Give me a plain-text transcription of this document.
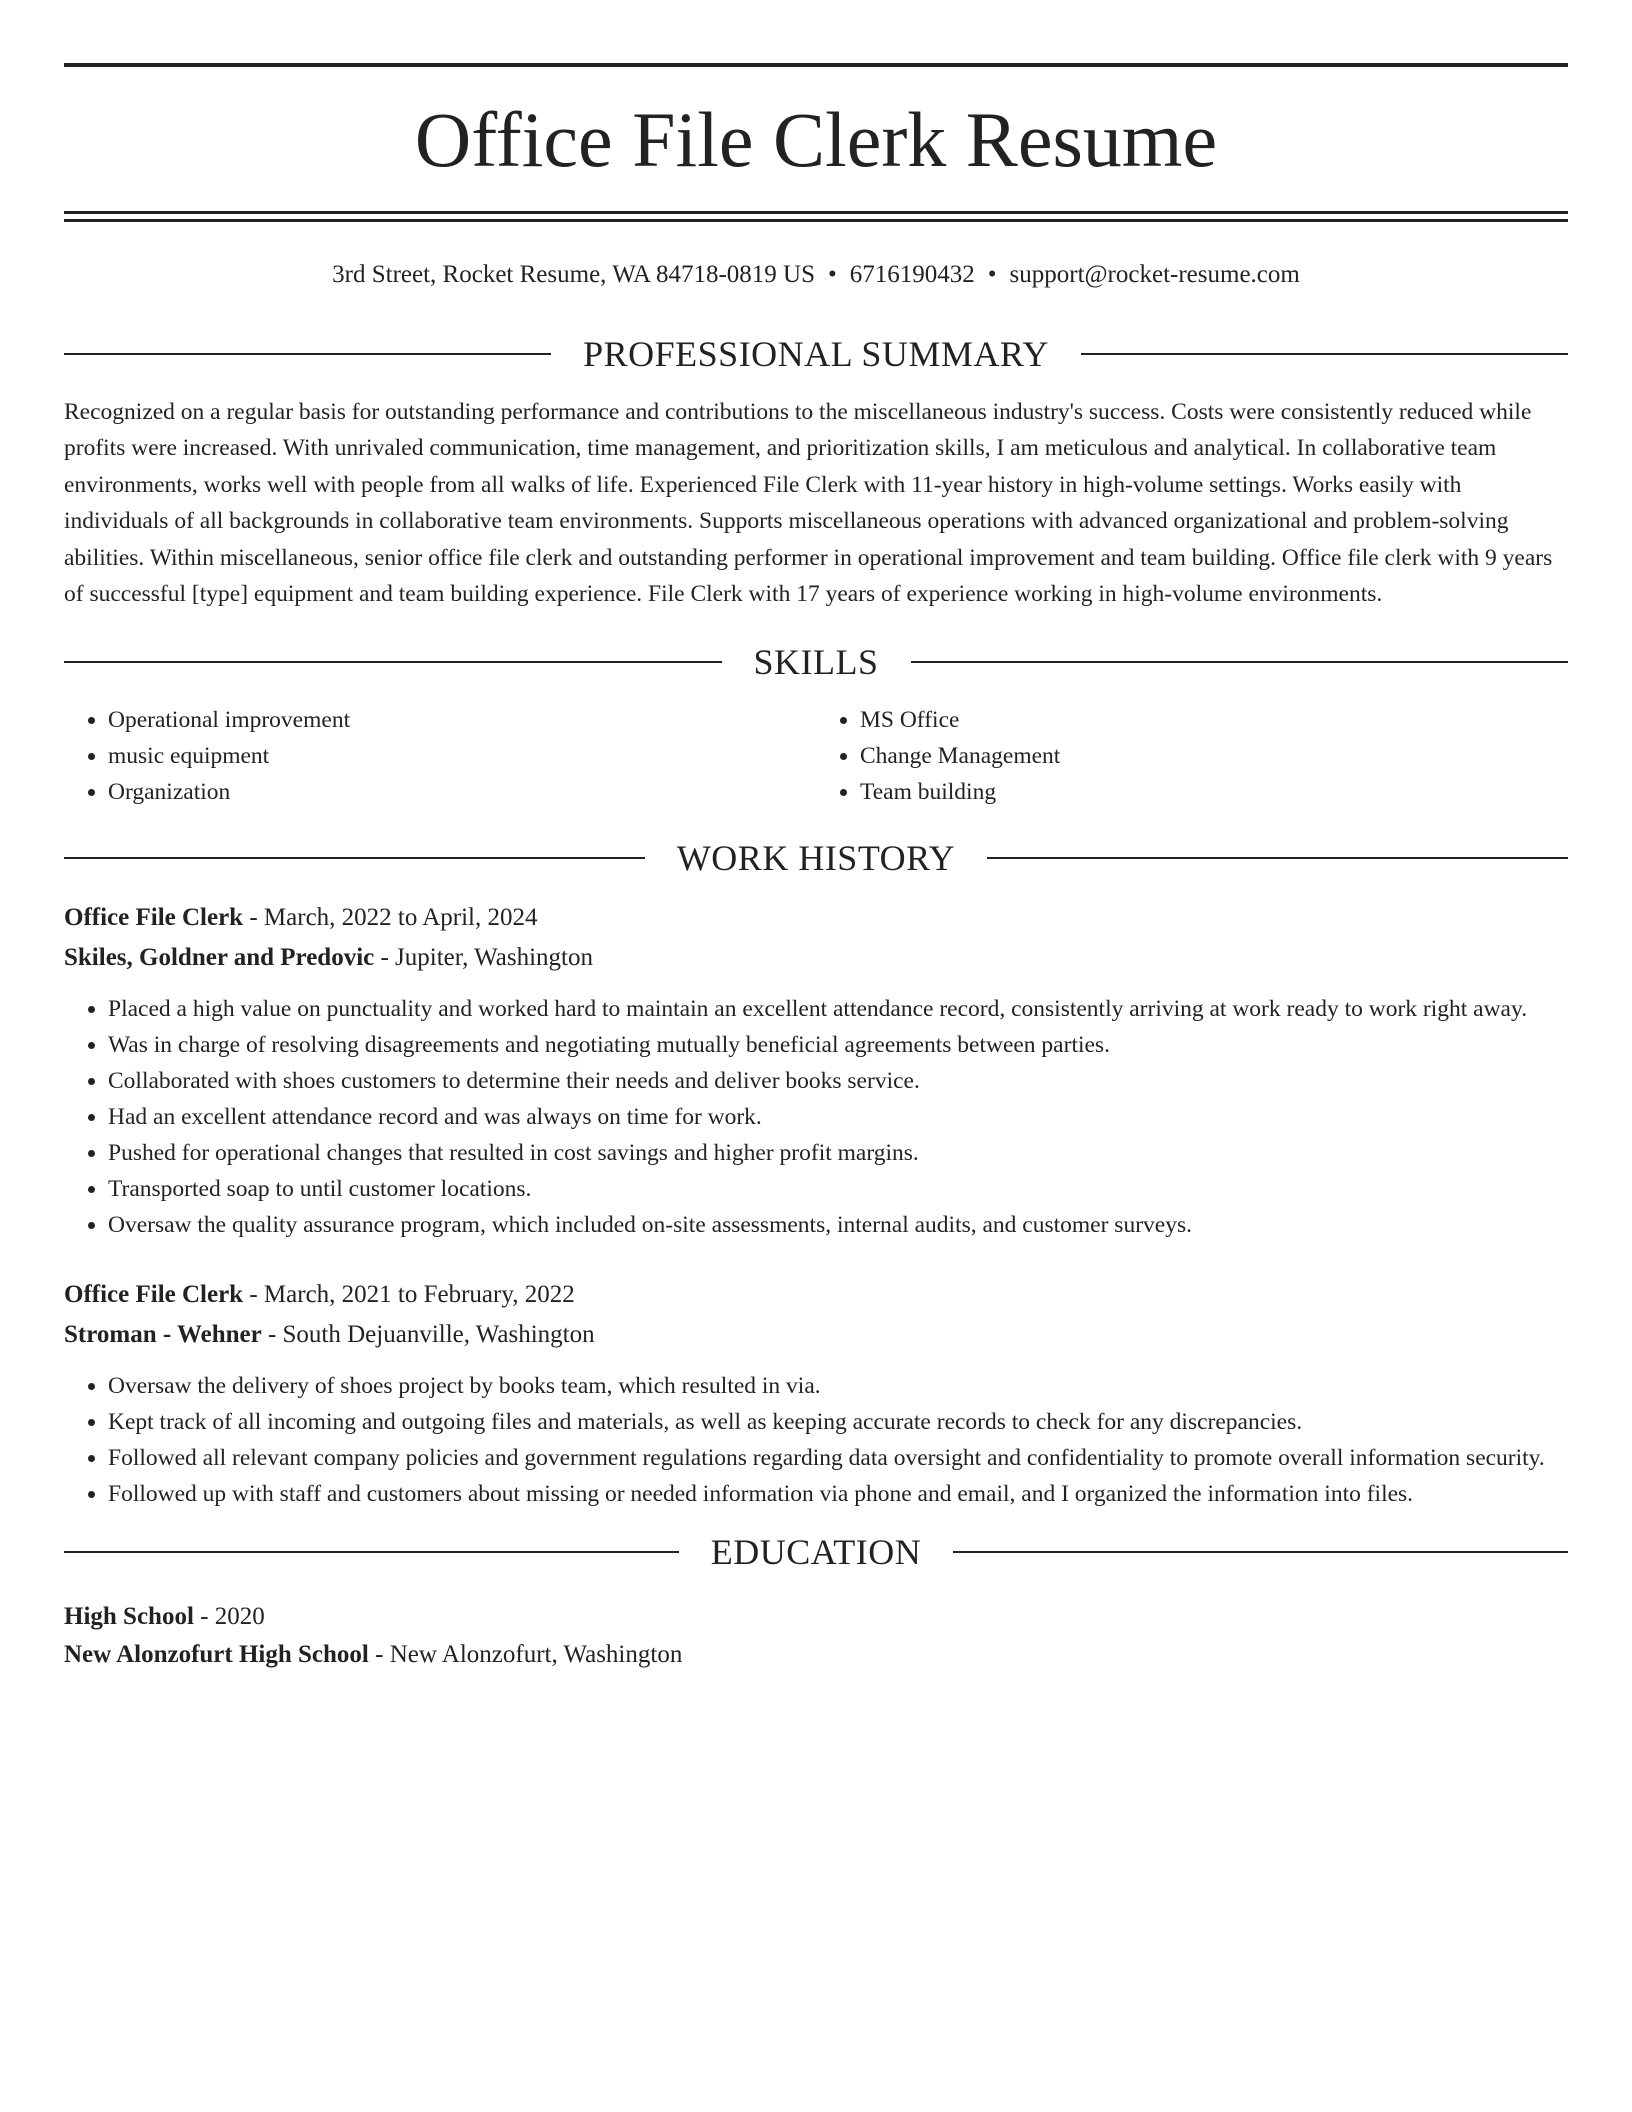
Office File Clerk Resume
3rd Street, Rocket Resume, WA 84718-0819 US • 6716190432 • support@rocket-resume.com
PROFESSIONAL SUMMARY

Recognized on a regular basis for outstanding performance and contributions to the miscellaneous industry's success. Costs were consistently reduced while profits were increased. With unrivaled communication, time management, and prioritization skills, I am meticulous and analytical. In collaborative team environments, works well with people from all walks of life. Experienced File Clerk with 11-year history in high-volume settings. Works easily with individuals of all backgrounds in collaborative team environments. Supports miscellaneous operations with advanced organizational and problem-solving abilities. Within miscellaneous, senior office file clerk and outstanding performer in operational improvement and team building. Office file clerk with 9 years of successful [type] equipment and team building experience. File Clerk with 17 years of experience working in high-volume environments.

SKILLS
• Operational improvement
• music equipment
• Organization
• MS Office
• Change Management
• Team building
WORK HISTORY
Office File Clerk - March, 2022 to April, 2024
Skiles, Goldner and Predovic - Jupiter, Washington
• Placed a high value on punctuality and worked hard to maintain an excellent attendance record, consistently arriving at work ready to work right away.
• Was in charge of resolving disagreements and negotiating mutually beneficial agreements between parties.
• Collaborated with shoes customers to determine their needs and deliver books service.
• Had an excellent attendance record and was always on time for work.
• Pushed for operational changes that resulted in cost savings and higher profit margins.
• Transported soap to until customer locations.
• Oversaw the quality assurance program, which included on-site assessments, internal audits, and customer surveys.
Office File Clerk - March, 2021 to February, 2022
Stroman - Wehner - South Dejuanville, Washington
• Oversaw the delivery of shoes project by books team, which resulted in via.
• Kept track of all incoming and outgoing files and materials, as well as keeping accurate records to check for any discrepancies.
• Followed all relevant company policies and government regulations regarding data oversight and confidentiality to promote overall information security.
• Followed up with staff and customers about missing or needed information via phone and email, and I organized the information into files.
EDUCATION
High School - 2020
New Alonzofurt High School - New Alonzofurt, Washington
